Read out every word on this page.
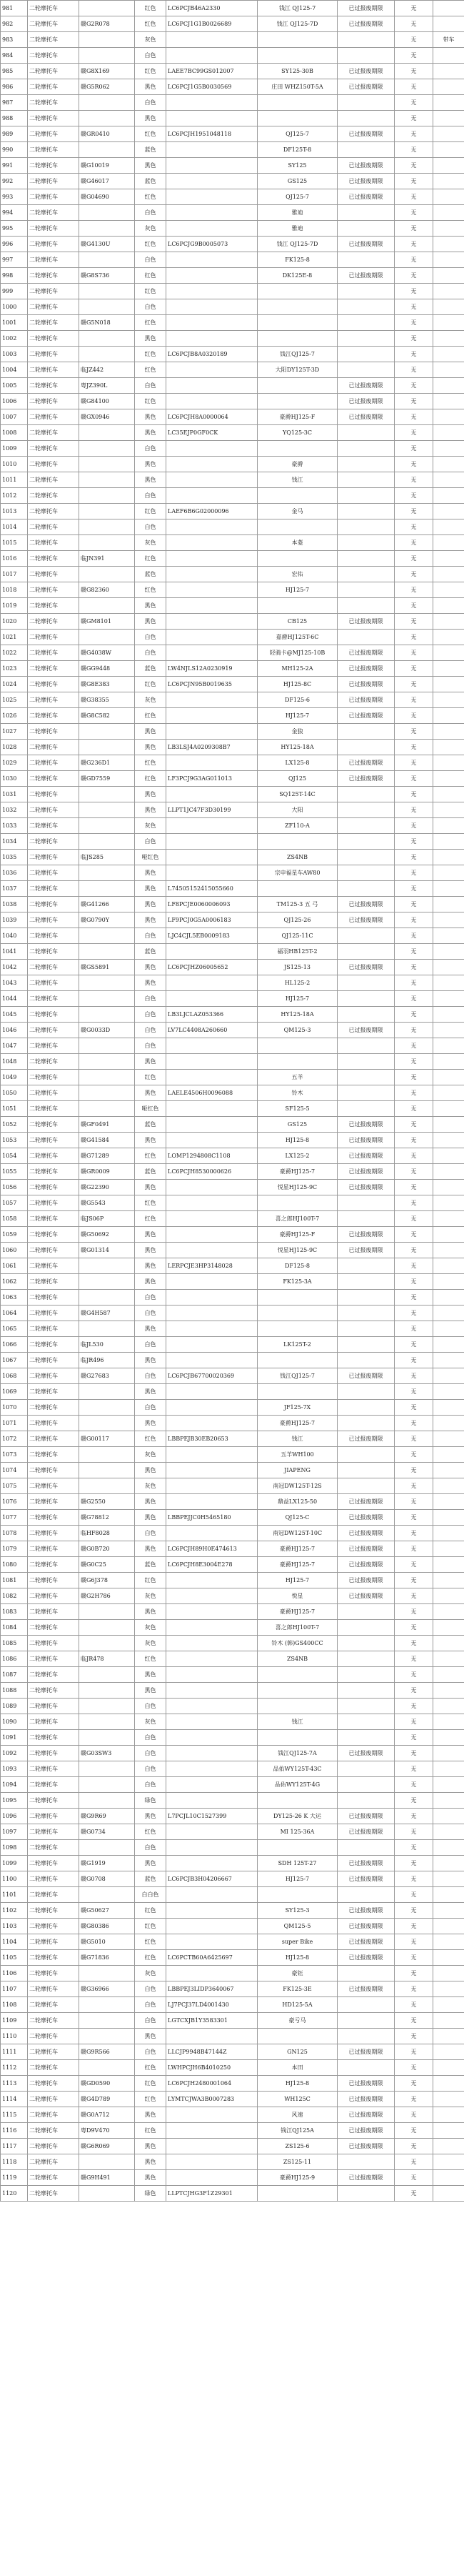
981	二轮摩托车		红色	LC6PCJB46A2330	钱江 QJ125-7	已过报废期限	无	
982	二轮摩托车	赣G2R078	红色	LC6PCJ1G1B0026689	钱江 QJ125-7D	已过报废期限	无	
983	二轮摩托车		灰色				无	带车
984	二轮摩托车		白色				无	
985	二轮摩托车	赣G8X169	红色	LAEE7BC99GS012007	SY125-30B	已过报废期限	无	
986	二轮摩托车	赣G5R062	黑色	LC6PCJ1G5B0030569	庄田 WHZ150T-5A	已过报废期限	无	
987	二轮摩托车		白色				无	
988	二轮摩托车		黑色				无	
989	二轮摩托车	赣GR0410	红色	LC6PCJH1951048118	QJ125-7	已过报废期限	无	
990	二轮摩托车		蓝色		DF125T-8		无	
991	二轮摩托车	赣G10019	黑色		SY125	已过报废期限	无	
992	二轮摩托车	赣G46017	蓝色		GS125	已过报废期限	无	
993	二轮摩托车	赣G04690	红色		QJ125-7	已过报废期限	无	
994	二轮摩托车		白色		雅迪		无	
995	二轮摩托车		灰色		雅迪		无	
996	二轮摩托车	赣G4130U	红色	LC6PCJG9B0005073	钱江 QJ125-7D	已过报废期限	无	
997	二轮摩托车		白色		FK125-8		无	
998	二轮摩托车	赣G8S736	红色		DK125E-8	已过报废期限	无	
999	二轮摩托车		红色				无	
1000	二轮摩托车		白色				无	
1001	二轮摩托车	赣G5N018	红色				无	
1002	二轮摩托车		黑色				无	
1003	二轮摩托车		红色	LC6PCJB8A0320189	钱江QJ125-7		无	
1004	二轮摩托车	临JZ442	红色		大阳DY125T-3D		无	
1005	二轮摩托车	粤JZ390L	白色			已过报废期限	无	
1006	二轮摩托车	赣G84100	红色			已过报废期限	无	
1007	二轮摩托车	赣GX0946	黑色	LC6PCJH8A0000064	豪爵HJ125-F	已过报废期限	无	
1008	二轮摩托车		黑色	LC35EJP0GF0CK	YQ125-3C		无	
1009	二轮摩托车		白色				无	
1010	二轮摩托车		黑色		豪爵		无	
1011	二轮摩托车		黑色		钱江		无	
1012	二轮摩托车		白色				无	
1013	二轮摩托车		红色	LAEF6B6G02000096	金马		无	
1014	二轮摩托车		白色				无	
1015	二轮摩托车		灰色		本菱		无	
1016	二轮摩托车	临JN391	红色				无	
1017	二轮摩托车		蓝色		宏佑		无	
1018	二轮摩托车	赣G82360	红色		HJ125-7		无	
1019	二轮摩托车		黑色				无	
1020	二轮摩托车	赣GM8101	黑色		CB125	已过报废期限	无	
1021	二轮摩托车		白色		嘉爵HJ125T-6C		无	
1022	二轮摩托车	赣G4038W	白色		轻骑卡@MJ125-10B	已过报废期限	无	
1023	二轮摩托车	赣GG9448	蓝色	LW4NJLS12A0230919	MH125-2A	已过报废期限	无	
1024	二轮摩托车	赣G8E383	红色	LC6PCJN95B0019635	HJ125-8C	已过报废期限	无	
1025	二轮摩托车	赣G38355	灰色		DF125-6	已过报废期限	无	
1026	二轮摩托车	赣G8C582	红色		HJ125-7	已过报废期限	无	
1027	二轮摩托车		黑色		金狼		无	
1028	二轮摩托车		黑色	LB3LSJ4A0209308B7	HY125-18A		无	
1029	二轮摩托车	赣G236D1	红色		LX125-8	已过报废期限	无	
1030	二轮摩托车	赣GD7559	红色	LF3PCJ9G3AG011013	QJ125	已过报废期限	无	
1031	二轮摩托车		黑色		SQ125T-14C		无	
1032	二轮摩托车		黑色	LLPT1JC47F3D30199	大阳		无	
1033	二轮摩托车		灰色		ZF110-A		无	
1034	二轮摩托车		白色				无	
1035	二轮摩托车	临JS285	哑红色		ZS4NB		无	
1036	二轮摩托车		黑色		宗申福星车AW80		无	
1037	二轮摩托车		黑色	L74505152415055660			无	
1038	二轮摩托车	赣G41266	黑色	LF8PCJE0060006093	TM125-3 五 弓	已过报废期限	无	
1039	二轮摩托车	赣G0790Y	黑色	LF9PCJ0G5A0006183	QJ125-26	已过报废期限	无	
1040	二轮摩托车		白色	LJC4CJL5EB0009183	QJ125-11C		无	
1041	二轮摩托车		蓝色		福羽HB125T-2		无	
1042	二轮摩托车	赣GS5891	黑色	LC6PCJHZ06005652	JS125-13	已过报废期限	无	
1043	二轮摩托车		黑色		HL125-2		无	
1044	二轮摩托车		白色		HJ125-7		无	
1045	二轮摩托车		白色	LB3LJCLAZ053366	HY125-18A		无	
1046	二轮摩托车	赣G0033D	白色	LV7LC4408A260660	QM125-3	已过报废期限	无	
1047	二轮摩托车		白色				无	
1048	二轮摩托车		黑色				无	
1049	二轮摩托车		红色		五羊		无	
1050	二轮摩托车		黑色	LAELE4506H0096088	铃木		无	
1051	二轮摩托车		哑红色		SF125-5		无	
1052	二轮摩托车	赣GF0491	蓝色		GS125	已过报废期限	无	
1053	二轮摩托车	赣G41584	黑色		HJ125-8	已过报废期限	无	
1054	二轮摩托车	赣G71289	红色	LOMP1294808C1108	LX125-2	已过报废期限	无	
1055	二轮摩托车	赣GR0009	蓝色	LC6PCJH8530000626	豪爵HJ125-7	已过报废期限	无	
1056	二轮摩托车	赣G22390	黑色		悦星HJ125-9C	已过报废期限	无	
1057	二轮摩托车	赣G5543	红色				无	
1058	二轮摩托车	临JS06P	红色		喜之郎HJ100T-7		无	
1059	二轮摩托车	赣G50692	黑色		豪爵HJ125-F	已过报废期限	无	
1060	二轮摩托车	赣G01314	黑色		悦星HJ125-9C	已过报废期限	无	
1061	二轮摩托车		黑色	LERPCJE3HP3148028	DF125-8		无	
1062	二轮摩托车		黑色		FK125-3A		无	
1063	二轮摩托车		白色				无	
1064	二轮摩托车	赣G4H587	白色				无	
1065	二轮摩托车		黑色				无	
1066	二轮摩托车	临JL530	白色		LK125T-2		无	
1067	二轮摩托车	临JR496	黑色				无	
1068	二轮摩托车	赣G27683	白色	LC6PCJB67700020369	钱江QJ125-7	已过报废期限	无	
1069	二轮摩托车		黑色				无	
1070	二轮摩托车		白色		JF125-7X		无	
1071	二轮摩托车		黑色		豪爵HJ125-7		无	
1072	二轮摩托车	赣G00117	红色	LBBPEJB30EB20653	钱江	已过报废期限	无	
1073	二轮摩托车		灰色		五羊WH100		无	
1074	二轮摩托车		黑色		JIAPENG		无	
1075	二轮摩托车		灰色		南冠DW125T-12S		无	
1076	二轮摩托车	赣G2550	黑色		鼎益LX125-50	已过报废期限	无	
1077	二轮摩托车	赣G78812	黑色	LBBPEJJC0H5465180	QJ125-C	已过报废期限	无	
1078	二轮摩托车	临HF8028	白色		南冠DW125T-10C	已过报废期限	无	
1079	二轮摩托车	赣G0B720	黑色	LC6PCJH89H0E474613	豪爵HJ125-7	已过报废期限	无	
1080	二轮摩托车	赣G0C25	蓝色	LC6PCJH8E3004E278	豪爵HJ125-7	已过报废期限	无	
1081	二轮摩托车	赣G6J378	红色		HJ125-7	已过报废期限	无	
1082	二轮摩托车	赣G2H786	灰色		悦星	已过报废期限	无	
1083	二轮摩托车		黑色		豪爵HJ125-7		无	
1084	二轮摩托车		灰色		喜之郎HJ100T-7		无	
1085	二轮摩托车		灰色		铃木 (韩)GS400CC		无	
1086	二轮摩托车	临JR478	红色		ZS4NB		无	
1087	二轮摩托车		黑色				无	
1088	二轮摩托车		黑色				无	
1089	二轮摩托车		白色				无	
1090	二轮摩托车		灰色		钱江		无	
1091	二轮摩托车		白色				无	
1092	二轮摩托车	赣G03SW3	白色		钱江QJ125-7A	已过报废期限	无	
1093	二轮摩托车		白色		品佑WY125T-43C		无	
1094	二轮摩托车		白色		品佑WY125T-4G		无	
1095	二轮摩托车		绿色				无	
1096	二轮摩托车	赣G9R69	黑色	L7PCJL10C1527399	DY125-26 K 大运	已过报废期限	无	
1097	二轮摩托车	赣G0734	红色		MI 125-36A	已过报废期限	无	
1098	二轮摩托车		白色				无	
1099	二轮摩托车	赣G1919	黑色		SDH 125T-27	已过报废期限	无	
1100	二轮摩托车	赣G0708	蓝色	LC6PCJB3H04206667	HJ125-7	已过报废期限	无	
1101	二轮摩托车		白白色				无	
1102	二轮摩托车	赣G50627	红色		SY125-3	已过报废期限	无	
1103	二轮摩托车	赣G80386	红色		QM125-5	已过报废期限	无	
1104	二轮摩托车	赣G5010	红色		super Bike	已过报废期限	无	
1105	二轮摩托车	赣G71836	红色	LC6PCTB60A6425697	HJ125-8	已过报废期限	无	
1106	二轮摩托车		灰色		豪钰		无	
1107	二轮摩托车	赣G36966	白色	LBBPEJ3LIDP3640067	FK125-3E	已过报废期限	无	
1108	二轮摩托车		白色	LJ7PCJ37LD4001430	HD125-5A		无	
1109	二轮摩托车		白色	LGTCXJB1Y3583301	豪亏马		无	
1110	二轮摩托车		黑色				无	
1111	二轮摩托车	赣G9R566	白色	LLCJP9948B47144Z	GN125	已过报废期限	无	
1112	二轮摩托车		红色	LWHPCJH6B4010250	本田		无	
1113	二轮摩托车	赣GD0590	红色	LC6PCJH2480001064	HJ125-8	已过报废期限	无	
1114	二轮摩托车	赣G4D789	红色	LYMTCJWA3B0007283	WH125C	已过报废期限	无	
1115	二轮摩托车	赣G0A712	黑色		风速	已过报废期限	无	
1116	二轮摩托车	粤D9V470	红色		钱江QJ125A	已过报废期限	无	
1117	二轮摩托车	赣G6R069	黑色		ZS125-6	已过报废期限	无	
1118	二轮摩托车		黑色		ZS125-11		无	
1119	二轮摩托车	赣G9H491	黑色		豪爵HJ125-9	已过报废期限	无	
1120	二轮摩托车		绿色	LLPTCJHG3F1Z29301			无	
